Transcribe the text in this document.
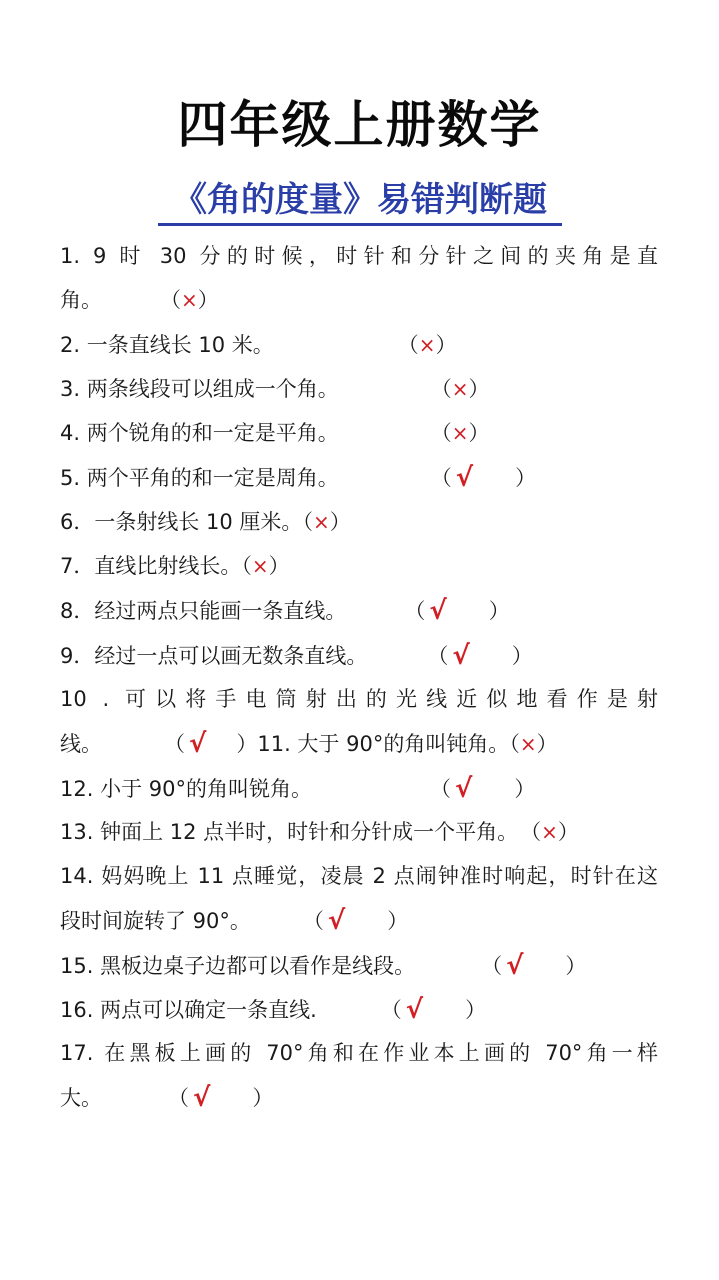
四年级上册数学
《角的度量》易错判断题
1. 9 时 30 分的时候，时针和分针之间的夹角是直
角。	（×）
2. 一条直线长 10 米。	（×）
3. 两条线段可以组成一个角。	（×）
4. 两个锐角的和一定是平角。	（×）
5. 两个平角的和一定是周角。	（ √ ）
6．一条射线长 10 厘米。（×）
7．直线比射线长。（×）
8．经过两点只能画一条直线。	（ √ ）
9．经过一点可以画无数条直线。	（ √ ）
10 . 可以将手电筒射出的光线近似地看作是射
线。	（ √ ）11. 大于 90°的角叫钝角。（×）
12. 小于 90°的角叫锐角。	（ √ ）
13. 钟面上 12 点半时，时针和分针成一个平角。（×）
14. 妈妈晚上 11 点睡觉，凌晨 2 点闹钟准时响起，时针在这
段时间旋转了 90°。 （ √ ）
15. 黑板边桌子边都可以看作是线段。	（ √ ）
16. 两点可以确定一条直线.	（ √ ）
17. 在黑板上画的 70°角和在作业本上画的 70°角一样
大。	（ √ ）
